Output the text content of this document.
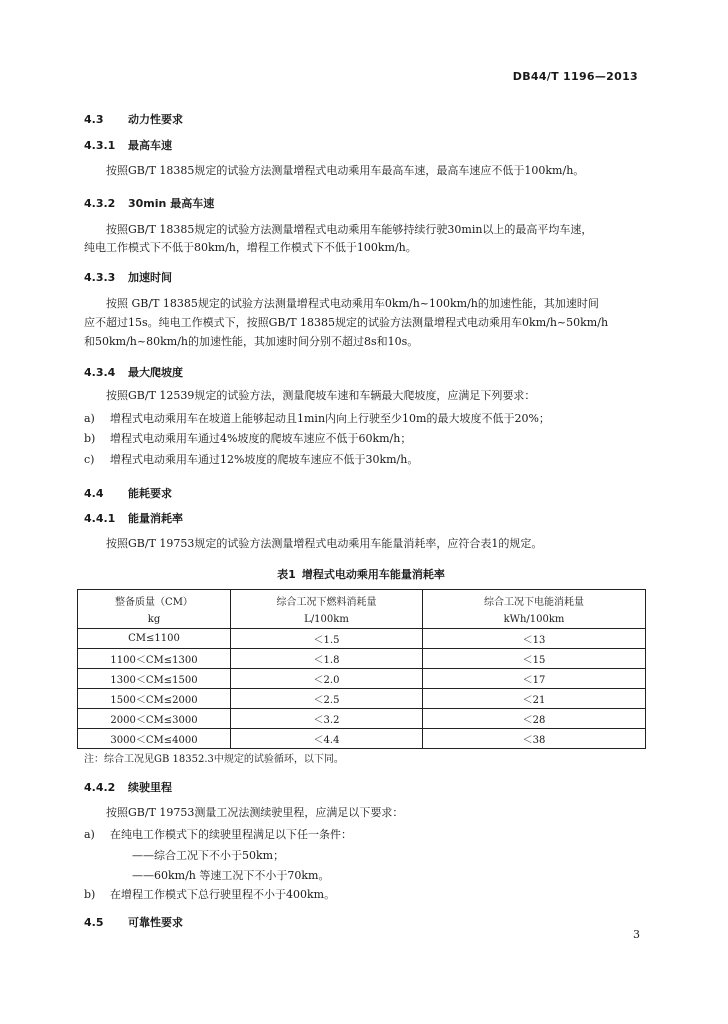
DB44/T 1196—2013
4.3 动力性要求
4.3.1 最高车速
按照GB/T 18385规定的试验方法测量增程式电动乘用车最高车速，最高车速应不低于100km/h。
4.3.2 30min 最高车速
按照GB/T 18385规定的试验方法测量增程式电动乘用车能够持续行驶30min以上的最高平均车速，
纯电工作模式下不低于80km/h，增程工作模式下不低于100km/h。
4.3.3 加速时间
按照 GB/T 18385规定的试验方法测量增程式电动乘用车0km/h~100km/h的加速性能，其加速时间
应不超过15s。纯电工作模式下，按照GB/T 18385规定的试验方法测量增程式电动乘用车0km/h~50km/h
和50km/h~80km/h的加速性能，其加速时间分别不超过8s和10s。
4.3.4 最大爬坡度
按照GB/T 12539规定的试验方法，测量爬坡车速和车辆最大爬坡度，应满足下列要求：
a) 增程式电动乘用车在坡道上能够起动且1min内向上行驶至少10m的最大坡度不低于20%；
b) 增程式电动乘用车通过4%坡度的爬坡车速应不低于60km/h；
c) 增程式电动乘用车通过12%坡度的爬坡车速应不低于30km/h。
4.4 能耗要求
4.4.1 能量消耗率
按照GB/T 19753规定的试验方法测量增程式电动乘用车能量消耗率，应符合表1的规定。
表1 增程式电动乘用车能量消耗率
整备质量（CM）	综合工况下燃料消耗量	综合工况下电能消耗量
kg	L/100km	kWh/100km
CM≤1100	＜1.5	＜13
1100＜CM≤1300	＜1.8	＜15
1300＜CM≤1500	＜2.0	＜17
1500＜CM≤2000	＜2.5	＜21
2000＜CM≤3000	＜3.2	＜28
3000＜CM≤4000	＜4.4	＜38
注：综合工况见GB 18352.3中规定的试验循环，以下同。
4.4.2 续驶里程
按照GB/T 19753测量工况法测续驶里程，应满足以下要求：
a) 在纯电工作模式下的续驶里程满足以下任一条件：
——综合工况下不小于50km；
——60km/h 等速工况下不小于70km。
b) 在增程工作模式下总行驶里程不小于400km。
4.5 可靠性要求
3
